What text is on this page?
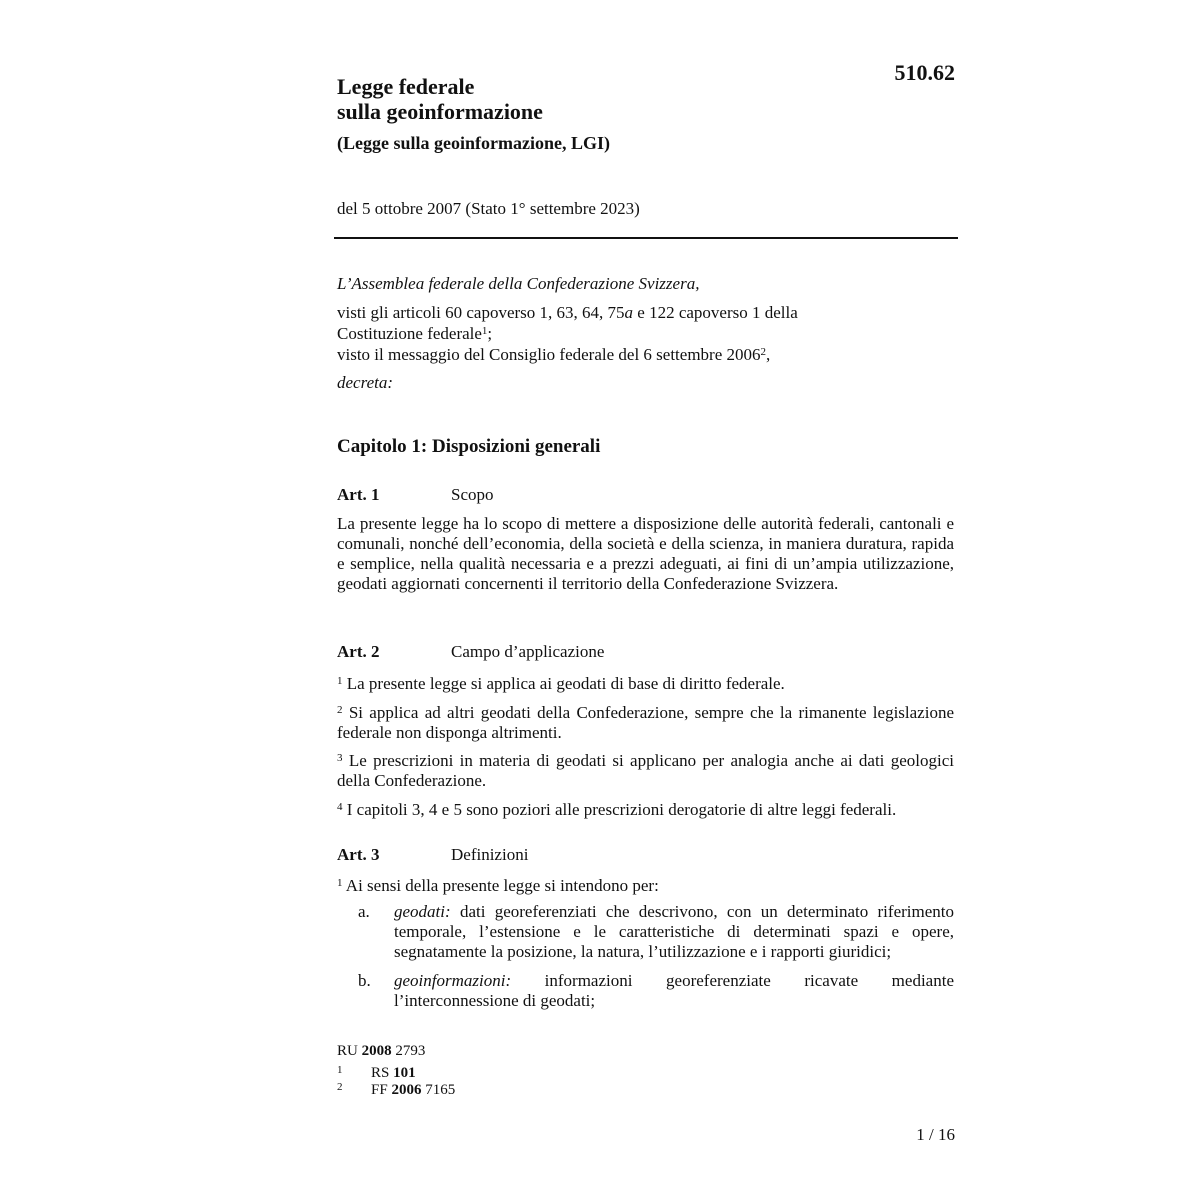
510.62
Legge federale
sulla geoinformazione
(Legge sulla geoinformazione, LGI)
del 5 ottobre 2007 (Stato 1° settembre 2023)

L’Assemblea federale della Confederazione Svizzera,

visti gli articoli 60 capoverso 1, 63, 64, 75a e 122 capoverso 1 della

Costituzione federale$^1$;

visto il messaggio del Consiglio federale del 6 settembre 2006$^2$,

decreta:

Capitolo 1: Disposizioni generali
Art. 1	Scopo
La presente legge ha lo scopo di mettere a disposizione delle autorità federali, cantonali e comunali, nonché dell’economia, della società e della scienza, in maniera duratura, rapida e semplice, nella qualità necessaria e a prezzi adeguati, ai fini di un’ampia utilizzazione, geodati aggiornati concernenti il territorio della Confederazione Svizzera.
Art. 2	Campo d’applicazione
$^1$ La presente legge si applica ai geodati di base di diritto federale.
$^2$ Si applica ad altri geodati della Confederazione, sempre che la rimanente legislazione federale non disponga altrimenti.
$^3$ Le prescrizioni in materia di geodati si applicano per analogia anche ai dati geologici della Confederazione.
$^4$ I capitoli 3, 4 e 5 sono poziori alle prescrizioni derogatorie di altre leggi federali.
Art. 3	Definizioni
$^1$ Ai sensi della presente legge si intendono per:
a. geodati: dati georeferenziati che descrivono, con un determinato riferimento temporale, l’estensione e le caratteristiche di determinati spazi e opere, segnatamente la posizione, la natura, l’utilizzazione e i rapporti giuridici;
b. geoinformazioni: informazioni georeferenziate ricavate mediante l’interconnessione di geodati;
RU 2008 2793
1 RS 101
2 FF 2006 7165
1 / 16
